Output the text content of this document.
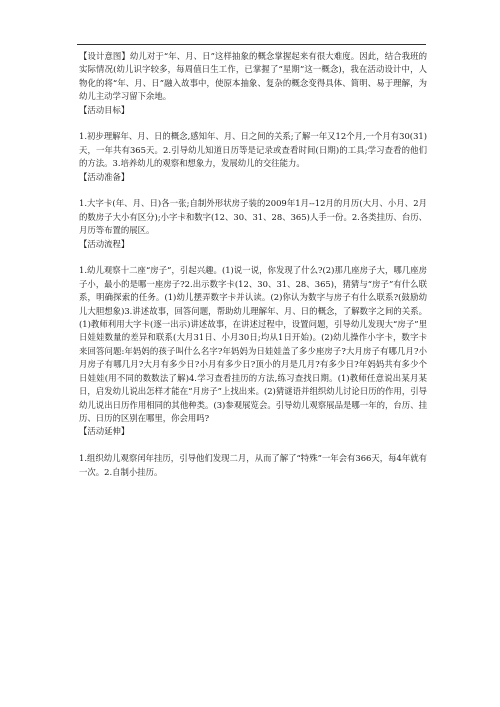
【设计意图】幼儿对于“年、月、日”这样抽象的概念掌握起来有很大难度。因此，结合我班的实际情况(幼儿识字较多，每周值日生工作，已掌握了“星期”这一概念)，我在活动设计中，人物化的将“年、月、日”融入故事中，使原本抽象、复杂的概念变得具体、简明、易于理解，为幼儿主动学习留下余地。

【活动目标】

1.初步理解年、月、日的概念,感知年、月、日之间的关系;了解一年又12个月,一个月有30(31)天，一年共有365天。2.引导幼儿知道日历等是记录或查看时间(日期)的工具;学习查看的他们的方法。3.培养幼儿的观察和想象力，发展幼儿的交往能力。

【活动准备】

1.大字卡(年、月、日)各一张;自制外形状房子装的2009年1月--12月的月历(大月、小月、2月的数房子大小有区分);小字卡和数字(12、30、31、28、365)人手一份。2.各类挂历、台历、月历等布置的展区。

【活动流程】

1.幼儿观察十二座“房子”，引起兴趣。(1)说一说，你发现了什么?(2)那几座房子大，哪几座房子小，最小的是哪一座房子?2.出示数字卡(12、30、31、28、365)，猜猜与“房子”有什么联系，明确探索的任务。(1)幼儿摆弄数字卡并认读。(2)你认为数字与房子有什么联系?(鼓励幼儿大胆想象)3.讲述故事，回答问题，帮助幼儿理解年、月、日的概念，了解数字之间的关系。(1)教师利用大字卡(逐一出示)讲述故事，在讲述过程中，设置问题，引导幼儿发现大“房子”里日娃娃数量的差异和联系(大月31日、小月30日;均从1日开始)。(2)幼儿操作小字卡，数字卡来回答问题:年妈妈的孩子叫什么名字?年妈妈为日娃娃盖了多少座房子?大月房子有哪几月?小月房子有哪几月?大月有多少日?小月有多少日?顶小的月是几月?有多少日?年妈妈共有多少个日娃娃(用不同的数数法了解)4.学习查看挂历的方法,练习查找日期。(1)教师任意说出某月某日，启发幼儿说出怎样才能在“月房子”上找出来。(2)猜谜语并组织幼儿讨论日历的作用，引导幼儿说出日历作用相同的其他种类。(3)参观展览会。引导幼儿观察展品是哪一年的，台历、挂历、日历的区别在哪里，你会用吗?

【活动延伸】

1.组织幼儿观察闰年挂历，引导他们发现二月，从而了解了“特殊”一年会有366天，每4年就有一次。2.自制小挂历。
